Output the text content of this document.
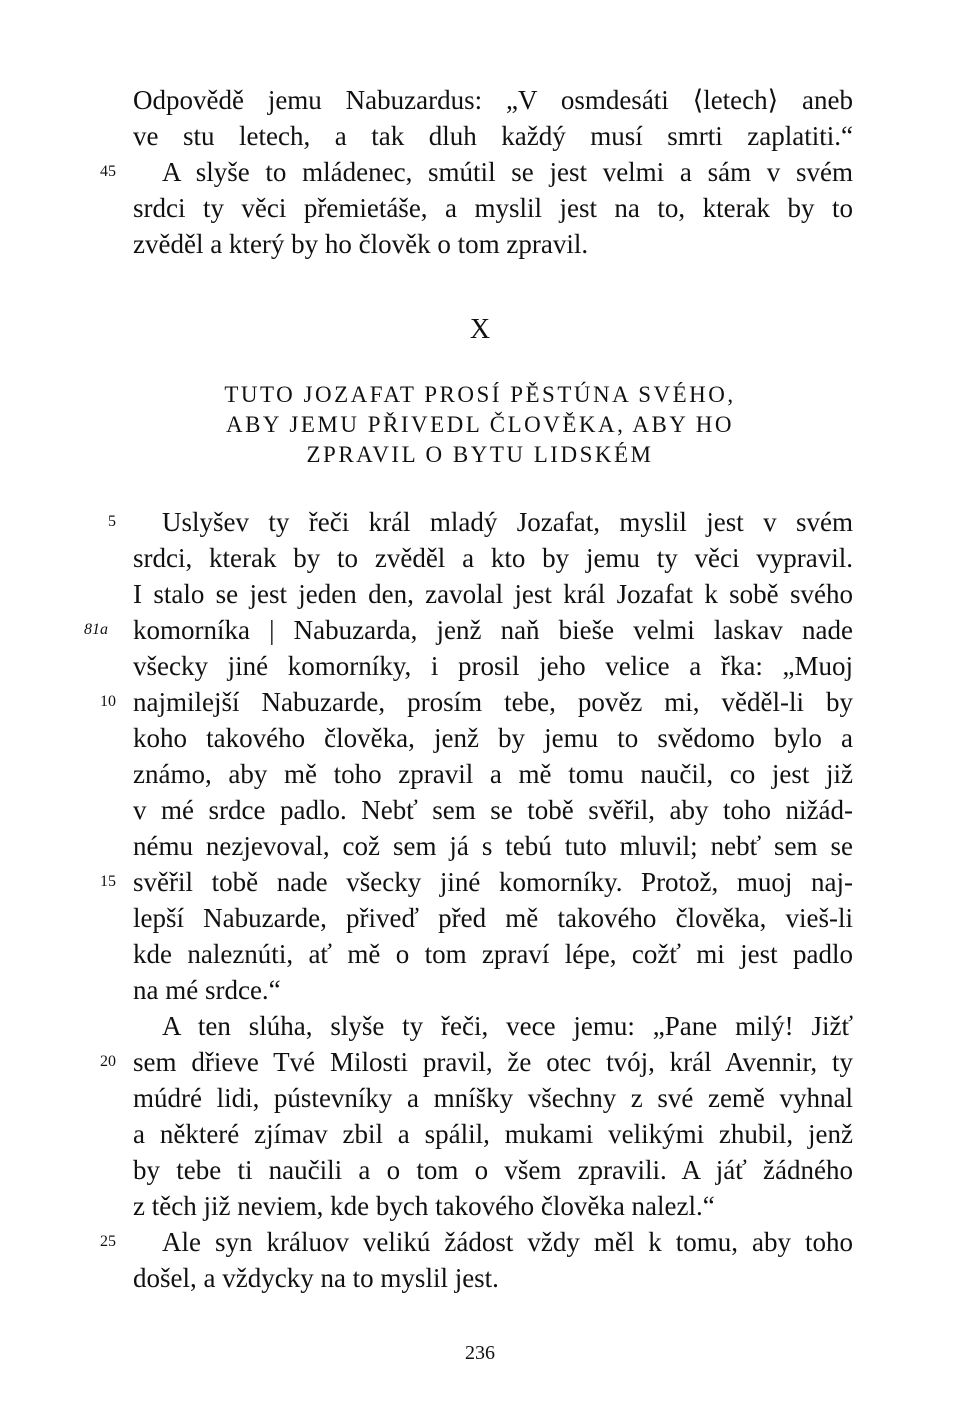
Odpovědě jemu Nabuzardus: „V osmdesáti ⟨letech⟩ aneb
ve stu letech, a tak dluh každý musí smrti zaplatiti.“
A slyše to mládenec, smútil se jest velmi a sám v svém
srdci ty věci přemietáše, a myslil jest na to, kterak by to
zvěděl a který by ho člověk o tom zpravil.
45
X
TUTO JOZAFAT PROSÍ PĚSTÚNA SVÉHO,
ABY JEMU PŘIVEDL ČLOVĚKA, ABY HO
ZPRAVIL O BYTU LIDSKÉM
Uslyšev ty řeči král mladý Jozafat, myslil jest v svém
srdci, kterak by to zvěděl a kto by jemu ty věci vypravil.
I stalo se jest jeden den, zavolal jest král Jozafat k sobě svého
komorníka | Nabuzarda, jenž naň bieše velmi laskav nade
všecky jiné komorníky, i prosil jeho velice a řka: „Muoj
najmilejší Nabuzarde, prosím tebe, pověz mi, věděl-li by
koho takového člověka, jenž by jemu to svědomo bylo a
známo, aby mě toho zpravil a mě tomu naučil, co jest již
v mé srdce padlo. Nebť sem se tobě svěřil, aby toho nižád-
nému nezjevoval, což sem já s tebú tuto mluvil; nebť sem se
svěřil tobě nade všecky jiné komorníky. Protož, muoj naj-
lepší Nabuzarde, přiveď před mě takového člověka, vieš-li
kde naleznúti, ať mě o tom zpraví lépe, cožť mi jest padlo
na mé srdce.“
A ten slúha, slyše ty řeči, vece jemu: „Pane milý! Jižť
sem dřieve Tvé Milosti pravil, že otec tvój, král Avennir, ty
múdré lidi, pústevníky a mníšky všechny z své země vyhnal
a některé zjímav zbil a spálil, mukami velikými zhubil, jenž
by tebe ti naučili a o tom o všem zpravili. A jáť žádného
z těch již neviem, kde bych takového člověka nalezl.“
Ale syn králuov velikú žádost vždy měl k tomu, aby toho
došel, a vždycky na to myslil jest.
5
10
15
20
25
81a
236
